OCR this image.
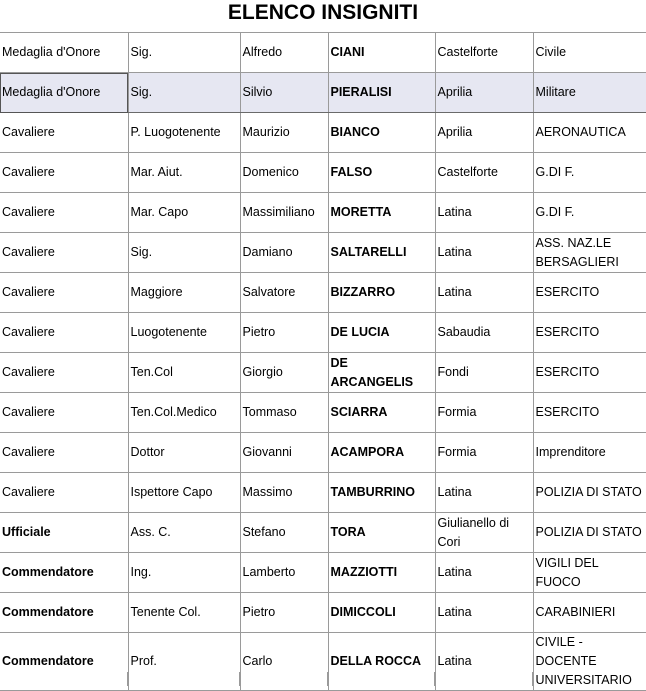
ELENCO INSIGNITI
Medaglia d'Onore	Sig.	Alfredo	CIANI	Castelforte	Civile
Medaglia d'Onore	Sig.	Silvio	PIERALISI	Aprilia	Militare
Cavaliere	P. Luogotenente	Maurizio	BIANCO	Aprilia	AERONAUTICA
Cavaliere	Mar. Aiut.	Domenico	FALSO	Castelforte	G.DI F.
Cavaliere	Mar. Capo	Massimiliano	MORETTA	Latina	G.DI F.
Cavaliere	Sig.	Damiano	SALTARELLI	Latina	ASS. NAZ.LE BERSAGLIERI
Cavaliere	Maggiore	Salvatore	BIZZARRO	Latina	ESERCITO
Cavaliere	Luogotenente	Pietro	DE LUCIA	Sabaudia	ESERCITO
Cavaliere	Ten.Col	Giorgio	DE ARCANGELIS	Fondi	ESERCITO
Cavaliere	Ten.Col.Medico	Tommaso	SCIARRA	Formia	ESERCITO
Cavaliere	Dottor	Giovanni	ACAMPORA	Formia	Imprenditore
Cavaliere	Ispettore Capo	Massimo	TAMBURRINO	Latina	POLIZIA DI STATO
Ufficiale	Ass. C.	Stefano	TORA	Giulianello di Cori	POLIZIA DI STATO
Commendatore	Ing.	Lamberto	MAZZIOTTI	Latina	VIGILI DEL FUOCO
Commendatore	Tenente Col.	Pietro	DIMICCOLI	Latina	CARABINIERI
Commendatore	Prof.	Carlo	DELLA ROCCA	Latina	CIVILE - DOCENTE UNIVERSITARIO
